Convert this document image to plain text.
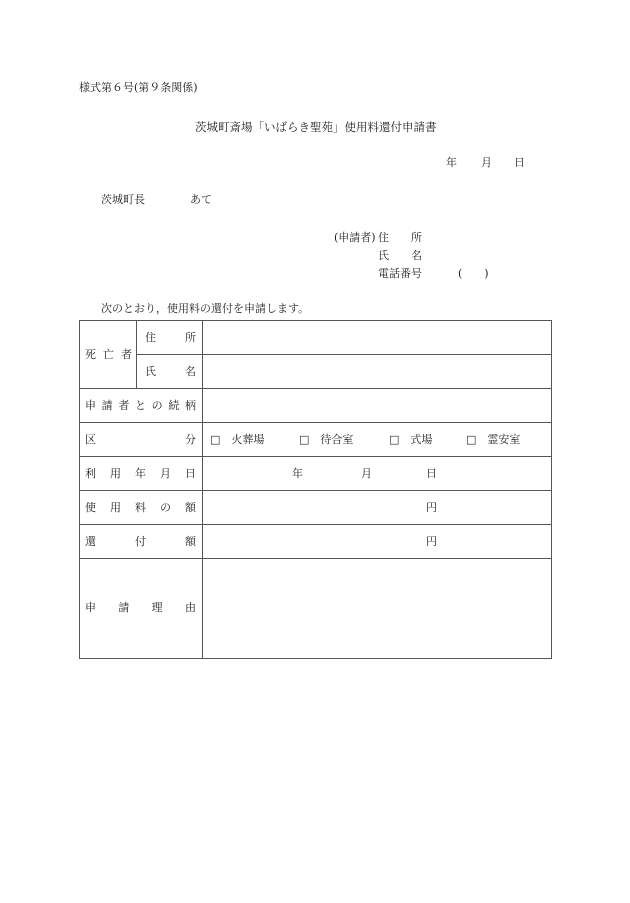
様式第６号(第９条関係)
茨城町斎場「いばらき聖苑」使用料還付申請書
年 月 日
茨城町長	あて
(申請者) 住　　所
氏　　名
電話番号	(　　)
次のとおり，使用料の還付を申請します。
死亡者
住所
氏名
申請者との続柄
区分 □　 火葬場	□　 待合室	□　 式場	□　 霊安室
利用年月日	年	月	日
使用料の額	円
還付額	円
申請理由
